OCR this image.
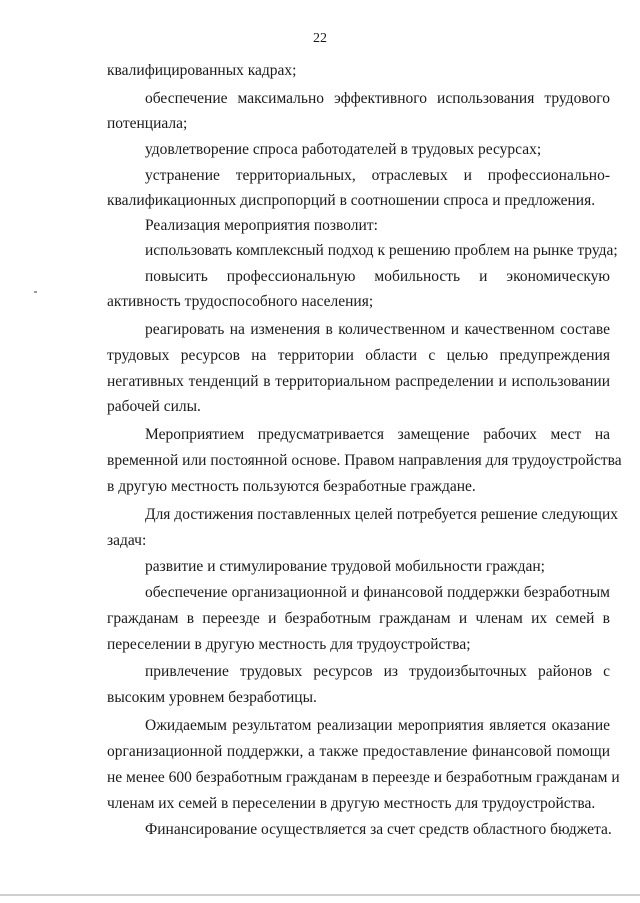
22
квалифицированных кадрах;
обеспечение максимально эффективного использования трудового
потенциала;
удовлетворение спроса работодателей в трудовых ресурсах;
устранение территориальных, отраслевых и профессионально-
квалификационных диспропорций в соотношении спроса и предложения.
Реализация мероприятия позволит:
использовать комплексный подход к решению проблем на рынке труда;
повысить профессиональную мобильность и экономическую
активность трудоспособного населения;
реагировать на изменения в количественном и качественном составе
трудовых ресурсов на территории области с целью предупреждения
негативных тенденций в территориальном распределении и использовании
рабочей силы.
Мероприятием предусматривается замещение рабочих мест на
временной или постоянной основе. Правом направления для трудоустройства
в другую местность пользуются безработные граждане.
Для достижения поставленных целей потребуется решение следующих
задач:
развитие и стимулирование трудовой мобильности граждан;
обеспечение организационной и финансовой поддержки безработным
гражданам в переезде и безработным гражданам и членам их семей в
переселении в другую местность для трудоустройства;
привлечение трудовых ресурсов из трудоизбыточных районов с
высоким уровнем безработицы.
Ожидаемым результатом реализации мероприятия является оказание
организационной поддержки, а также предоставление финансовой помощи
не менее 600 безработным гражданам в переезде и безработным гражданам и
членам их семей в переселении в другую местность для трудоустройства.
Финансирование осуществляется за счет средств областного бюджета.
